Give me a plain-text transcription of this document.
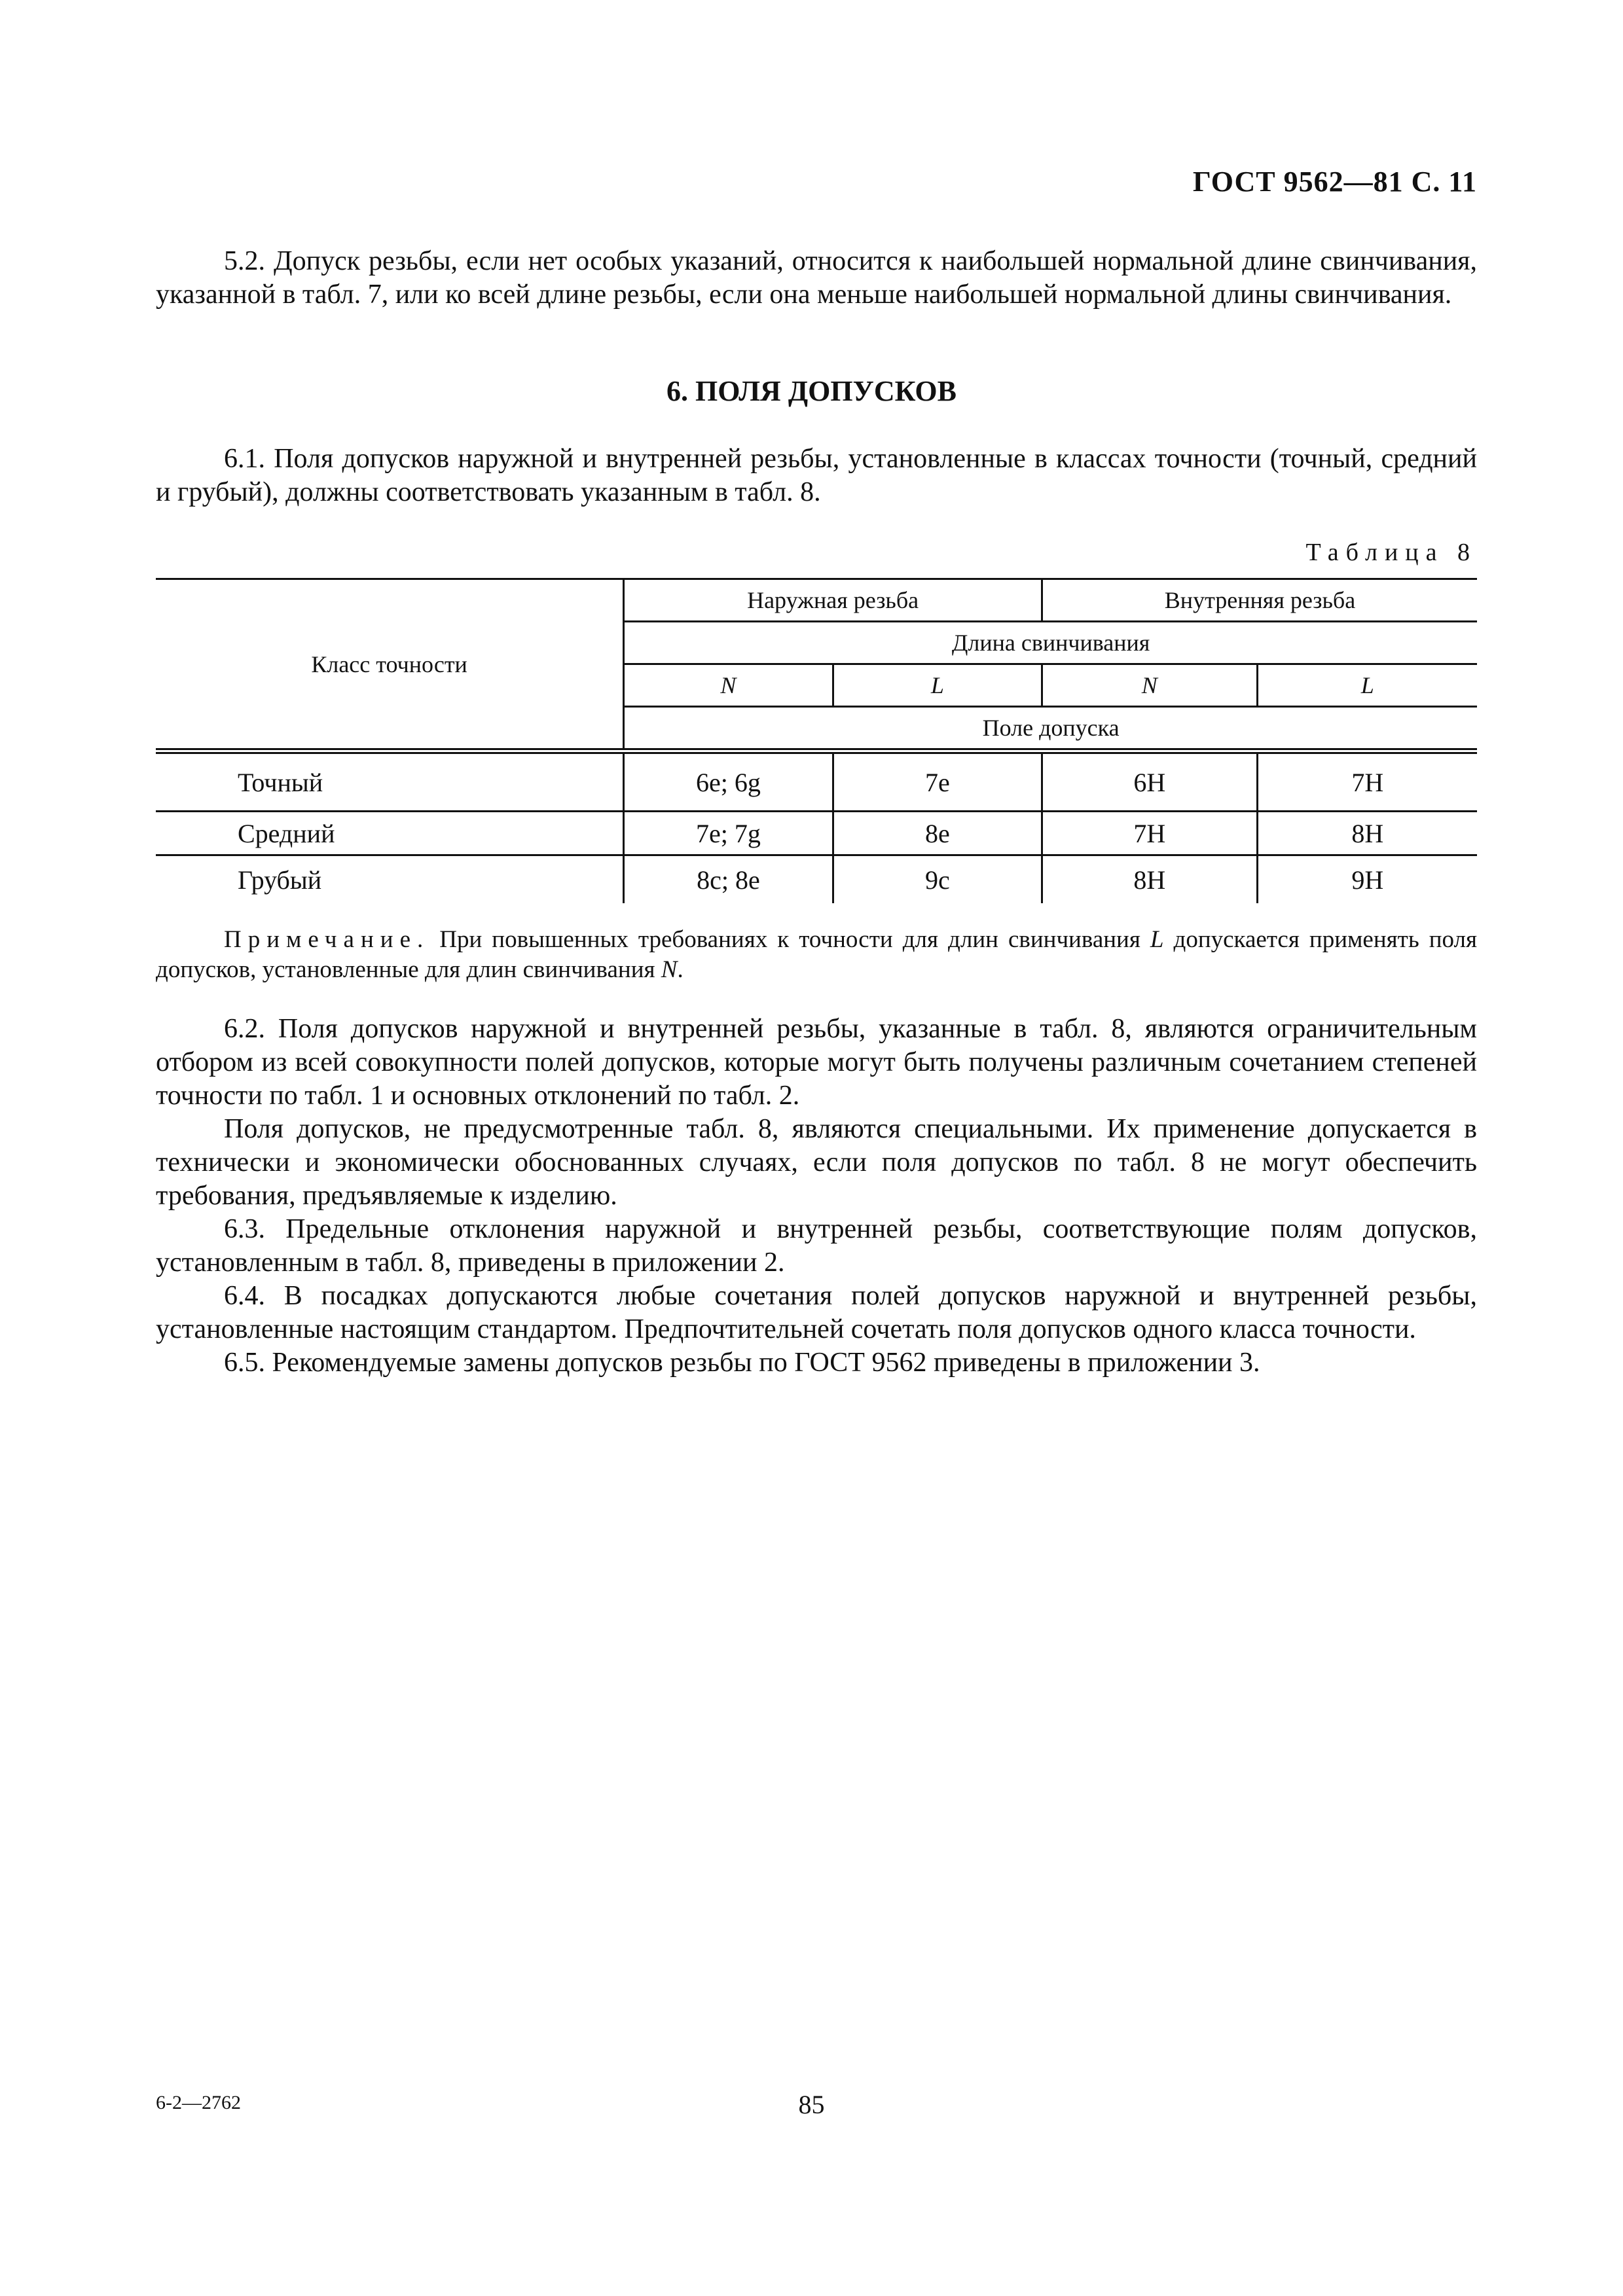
ГОСТ 9562—81 С. 11
5.2. Допуск резьбы, если нет особых указаний, относится к наибольшей нормальной длине свинчивания, указанной в табл. 7, или ко всей длине резьбы, если она меньше наибольшей нормальной длины свинчивания.
6. ПОЛЯ ДОПУСКОВ
6.1. Поля допусков наружной и внутренней резьбы, установленные в классах точности (точный, средний и грубый), должны соответствовать указанным в табл. 8.
Таблица 8
Класс точности	Наружная резьба		Внутренняя резьба	
	Длина свинчивания			
	N	L	N	L
	Поле допуска			
Точный	6e; 6g	7e	6H	7H
Средний	7e; 7g	8e	7H	8H
Грубый	8c; 8e	9c	8H	9H
Примечание. При повышенных требованиях к точности для длин свинчивания L допускается применять поля допусков, установленные для длин свинчивания N.
6.2. Поля допусков наружной и внутренней резьбы, указанные в табл. 8, являются ограничительным отбором из всей совокупности полей допусков, которые могут быть получены различным сочетанием степеней точности по табл. 1 и основных отклонений по табл. 2.
Поля допусков, не предусмотренные табл. 8, являются специальными. Их применение допускается в технически и экономически обоснованных случаях, если поля допусков по табл. 8 не могут обеспечить требования, предъявляемые к изделию.
6.3. Предельные отклонения наружной и внутренней резьбы, соответствующие полям допусков, установленным в табл. 8, приведены в приложении 2.
6.4. В посадках допускаются любые сочетания полей допусков наружной и внутренней резьбы, установленные настоящим стандартом. Предпочтительней сочетать поля допусков одного класса точности.
6.5. Рекомендуемые замены допусков резьбы по ГОСТ 9562 приведены в приложении 3.
6-2—2762	85
